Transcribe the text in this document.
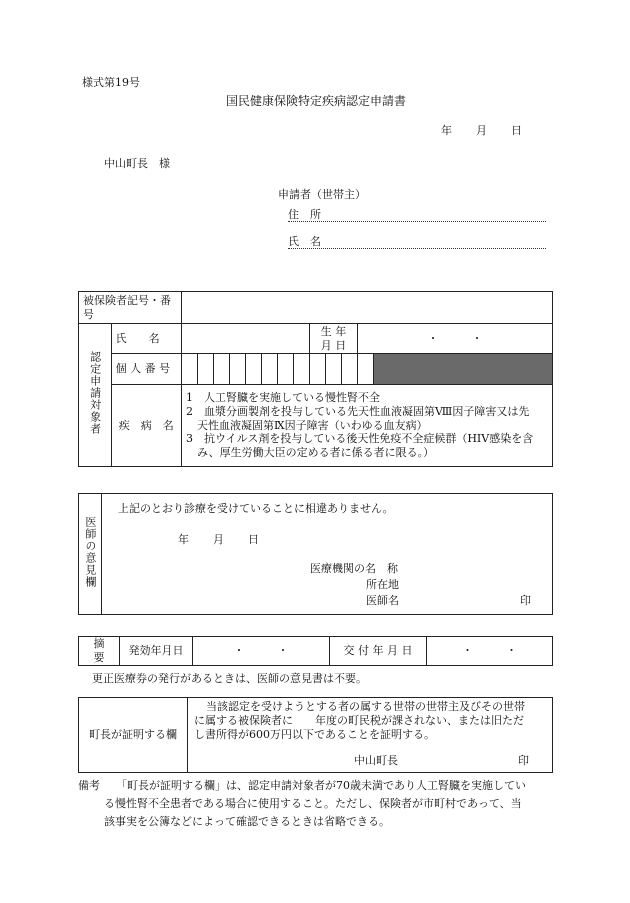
様式第19号
国民健康保険特定疾病認定申請書
年 月 日
中山町長　様
申請者（世帯主）
住　所
氏　名
被保険者記号・番号														

認定申請対象者	氏　　名									生 年 月 日			・　　　・	
	個 人 番 号													
	疾　病　名	1　人工腎臓を実施している慢性腎不全
2　血漿分画製剤を投与している先天性血液凝固第Ⅷ因子障害又は先
　天性血液凝固第Ⅸ因子障害（いわゆる血友病）
3　抗ウイルス剤を投与している後天性免疫不全症候群（HIV感染を含
　み、厚生労働大臣の定める者に係る者に限る。）												
医師の意見欄	
上記のとおり診療を受けていることに相違ありません。
年 月 日
医療機関の名　称
所在地
医師名	印
摘　要	発効年月日	・　　　・	交 付 年 月 日	・　　　・
更正医療券の発行があるときは、医師の意見書は不要。
町長が証明する欄	
当該認定を受けようとする者の属する世帯の世帯主及びその世帯
に属する被保険者に　　年度の町民税が課されない、または旧ただ
し書所得が600万円以下であることを証明する。
中山町長	印
備考 「町長が証明する欄」は、認定申請対象者が70歳未満であり人工腎臓を実施してい
る慢性腎不全患者である場合に使用すること。ただし、保険者が市町村であって、当
該事実を公簿などによって確認できるときは省略できる。
